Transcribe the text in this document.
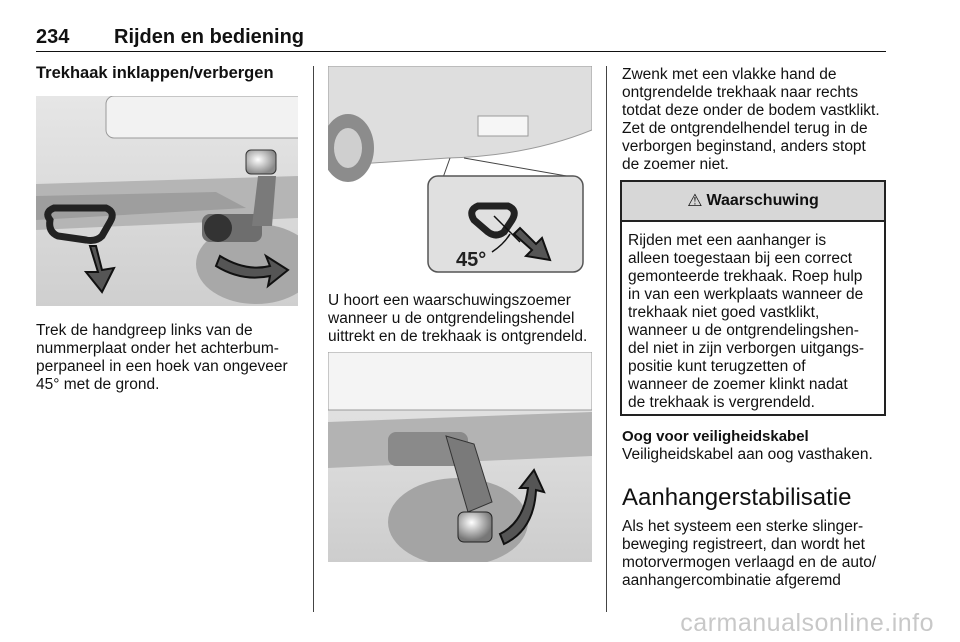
234 Rijden en bediening
Trekhaak inklappen/verbergen
Trek de handgreep links van de
nummerplaat onder het achterbum-
perpaneel in een hoek van ongeveer
45° met de grond.
45°
U hoort een waarschuwingszoemer
wanneer u de ontgrendelingshendel
uittrekt en de trekhaak is ontgrendeld.
Zwenk met een vlakke hand de
ontgrendelde trekhaak naar rechts
totdat deze onder de bodem vastklikt.
Zet de ontgrendelhendel terug in de
verborgen beginstand, anders stopt
de zoemer niet.
⚠ Waarschuwing
Rijden met een aanhanger is
alleen toegestaan bij een correct
gemonteerde trekhaak. Roep hulp
in van een werkplaats wanneer de
trekhaak niet goed vastklikt,
wanneer u de ontgrendelingshen-
del niet in zijn verborgen uitgangs-
positie kunt terugzetten of
wanneer de zoemer klinkt nadat
de trekhaak is vergrendeld.
Oog voor veiligheidskabel
Veiligheidskabel aan oog vasthaken.
Aanhangerstabilisatie
Als het systeem een sterke slinger-
beweging registreert, dan wordt het
motorvermogen verlaagd en de auto/
aanhangercombinatie afgeremd
carmanualsonline.info
